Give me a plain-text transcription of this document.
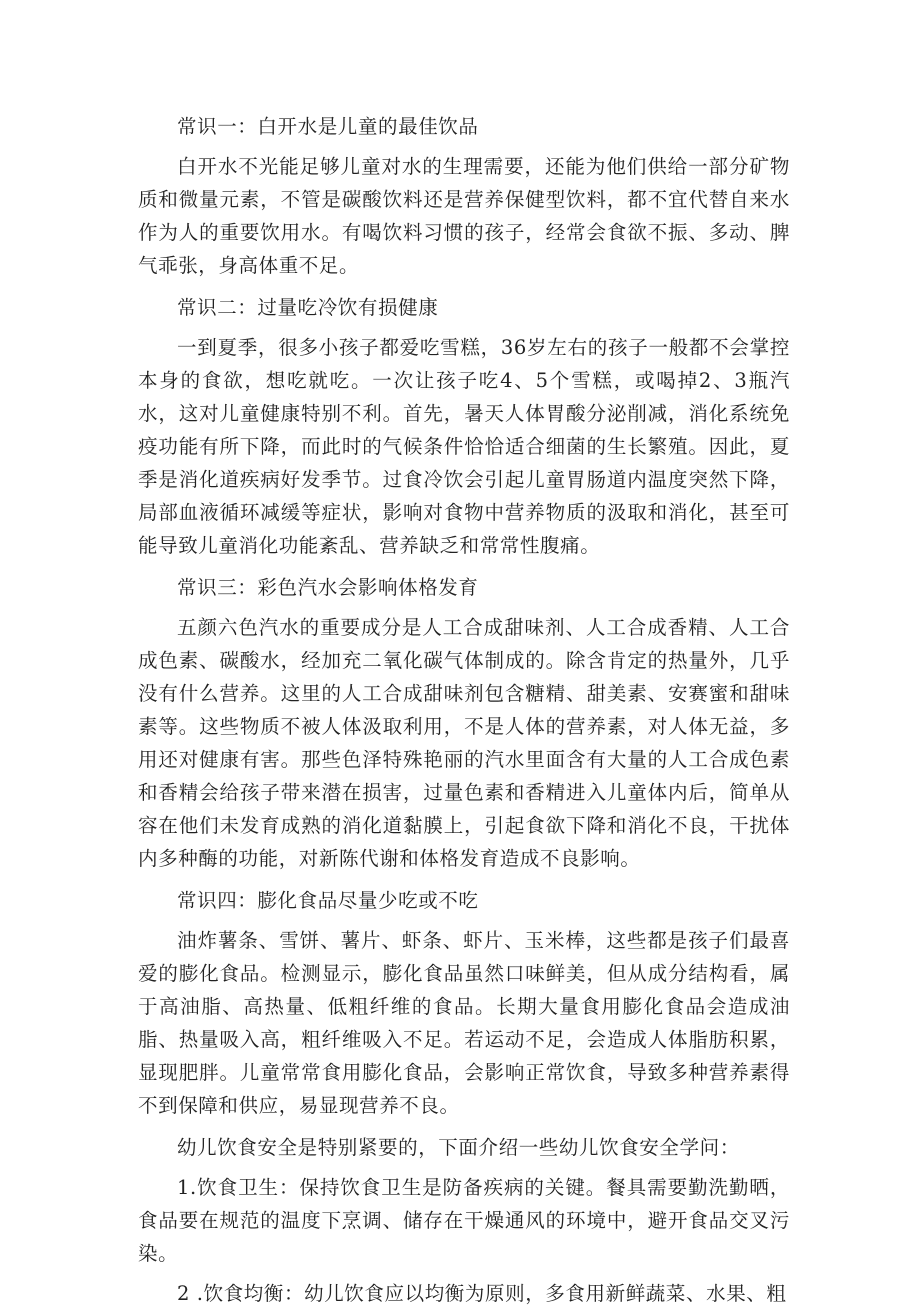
常识一：白开水是儿童的最佳饮品

白开水不光能足够儿童对水的生理需要，还能为他们供给一部分矿物质和微量元素，不管是碳酸饮料还是营养保健型饮料，都不宜代替自来水作为人的重要饮用水。有喝饮料习惯的孩子，经常会食欲不振、多动、脾气乖张，身高体重不足。

常识二：过量吃冷饮有损健康

一到夏季，很多小孩子都爱吃雪糕，36岁左右的孩子一般都不会掌控本身的食欲，想吃就吃。一次让孩子吃4、5个雪糕，或喝掉2、3瓶汽水，这对儿童健康特别不利。首先，暑天人体胃酸分泌削减，消化系统免疫功能有所下降，而此时的气候条件恰恰适合细菌的生长繁殖。因此，夏季是消化道疾病好发季节。过食冷饮会引起儿童胃肠道内温度突然下降，局部血液循环减缓等症状，影响对食物中营养物质的汲取和消化，甚至可能导致儿童消化功能紊乱、营养缺乏和常常性腹痛。

常识三：彩色汽水会影响体格发育

五颜六色汽水的重要成分是人工合成甜味剂、人工合成香精、人工合成色素、碳酸水，经加充二氧化碳气体制成的。除含肯定的热量外，几乎没有什么营养。这里的人工合成甜味剂包含糖精、甜美素、安赛蜜和甜味素等。这些物质不被人体汲取利用，不是人体的营养素，对人体无益，多用还对健康有害。那些色泽特殊艳丽的汽水里面含有大量的人工合成色素和香精会给孩子带来潜在损害，过量色素和香精进入儿童体内后，简单从容在他们未发育成熟的消化道黏膜上，引起食欲下降和消化不良，干扰体内多种酶的功能，对新陈代谢和体格发育造成不良影响。

常识四：膨化食品尽量少吃或不吃

油炸薯条、雪饼、薯片、虾条、虾片、玉米棒，这些都是孩子们最喜爱的膨化食品。检测显示，膨化食品虽然口味鲜美，但从成分结构看，属于高油脂、高热量、低粗纤维的食品。长期大量食用膨化食品会造成油脂、热量吸入高，粗纤维吸入不足。若运动不足，会造成人体脂肪积累，显现肥胖。儿童常常食用膨化食品，会影响正常饮食，导致多种营养素得不到保障和供应，易显现营养不良。

幼儿饮食安全是特别紧要的，下面介绍一些幼儿饮食安全学问：

1.饮食卫生：保持饮食卫生是防备疾病的关键。餐具需要勤洗勤晒，食品要在规范的温度下烹调、储存在干燥通风的环境中，避开食品交叉污染。

2 .饮食均衡：幼儿饮食应以均衡为原则，多食用新鲜蔬菜、水果、粗
